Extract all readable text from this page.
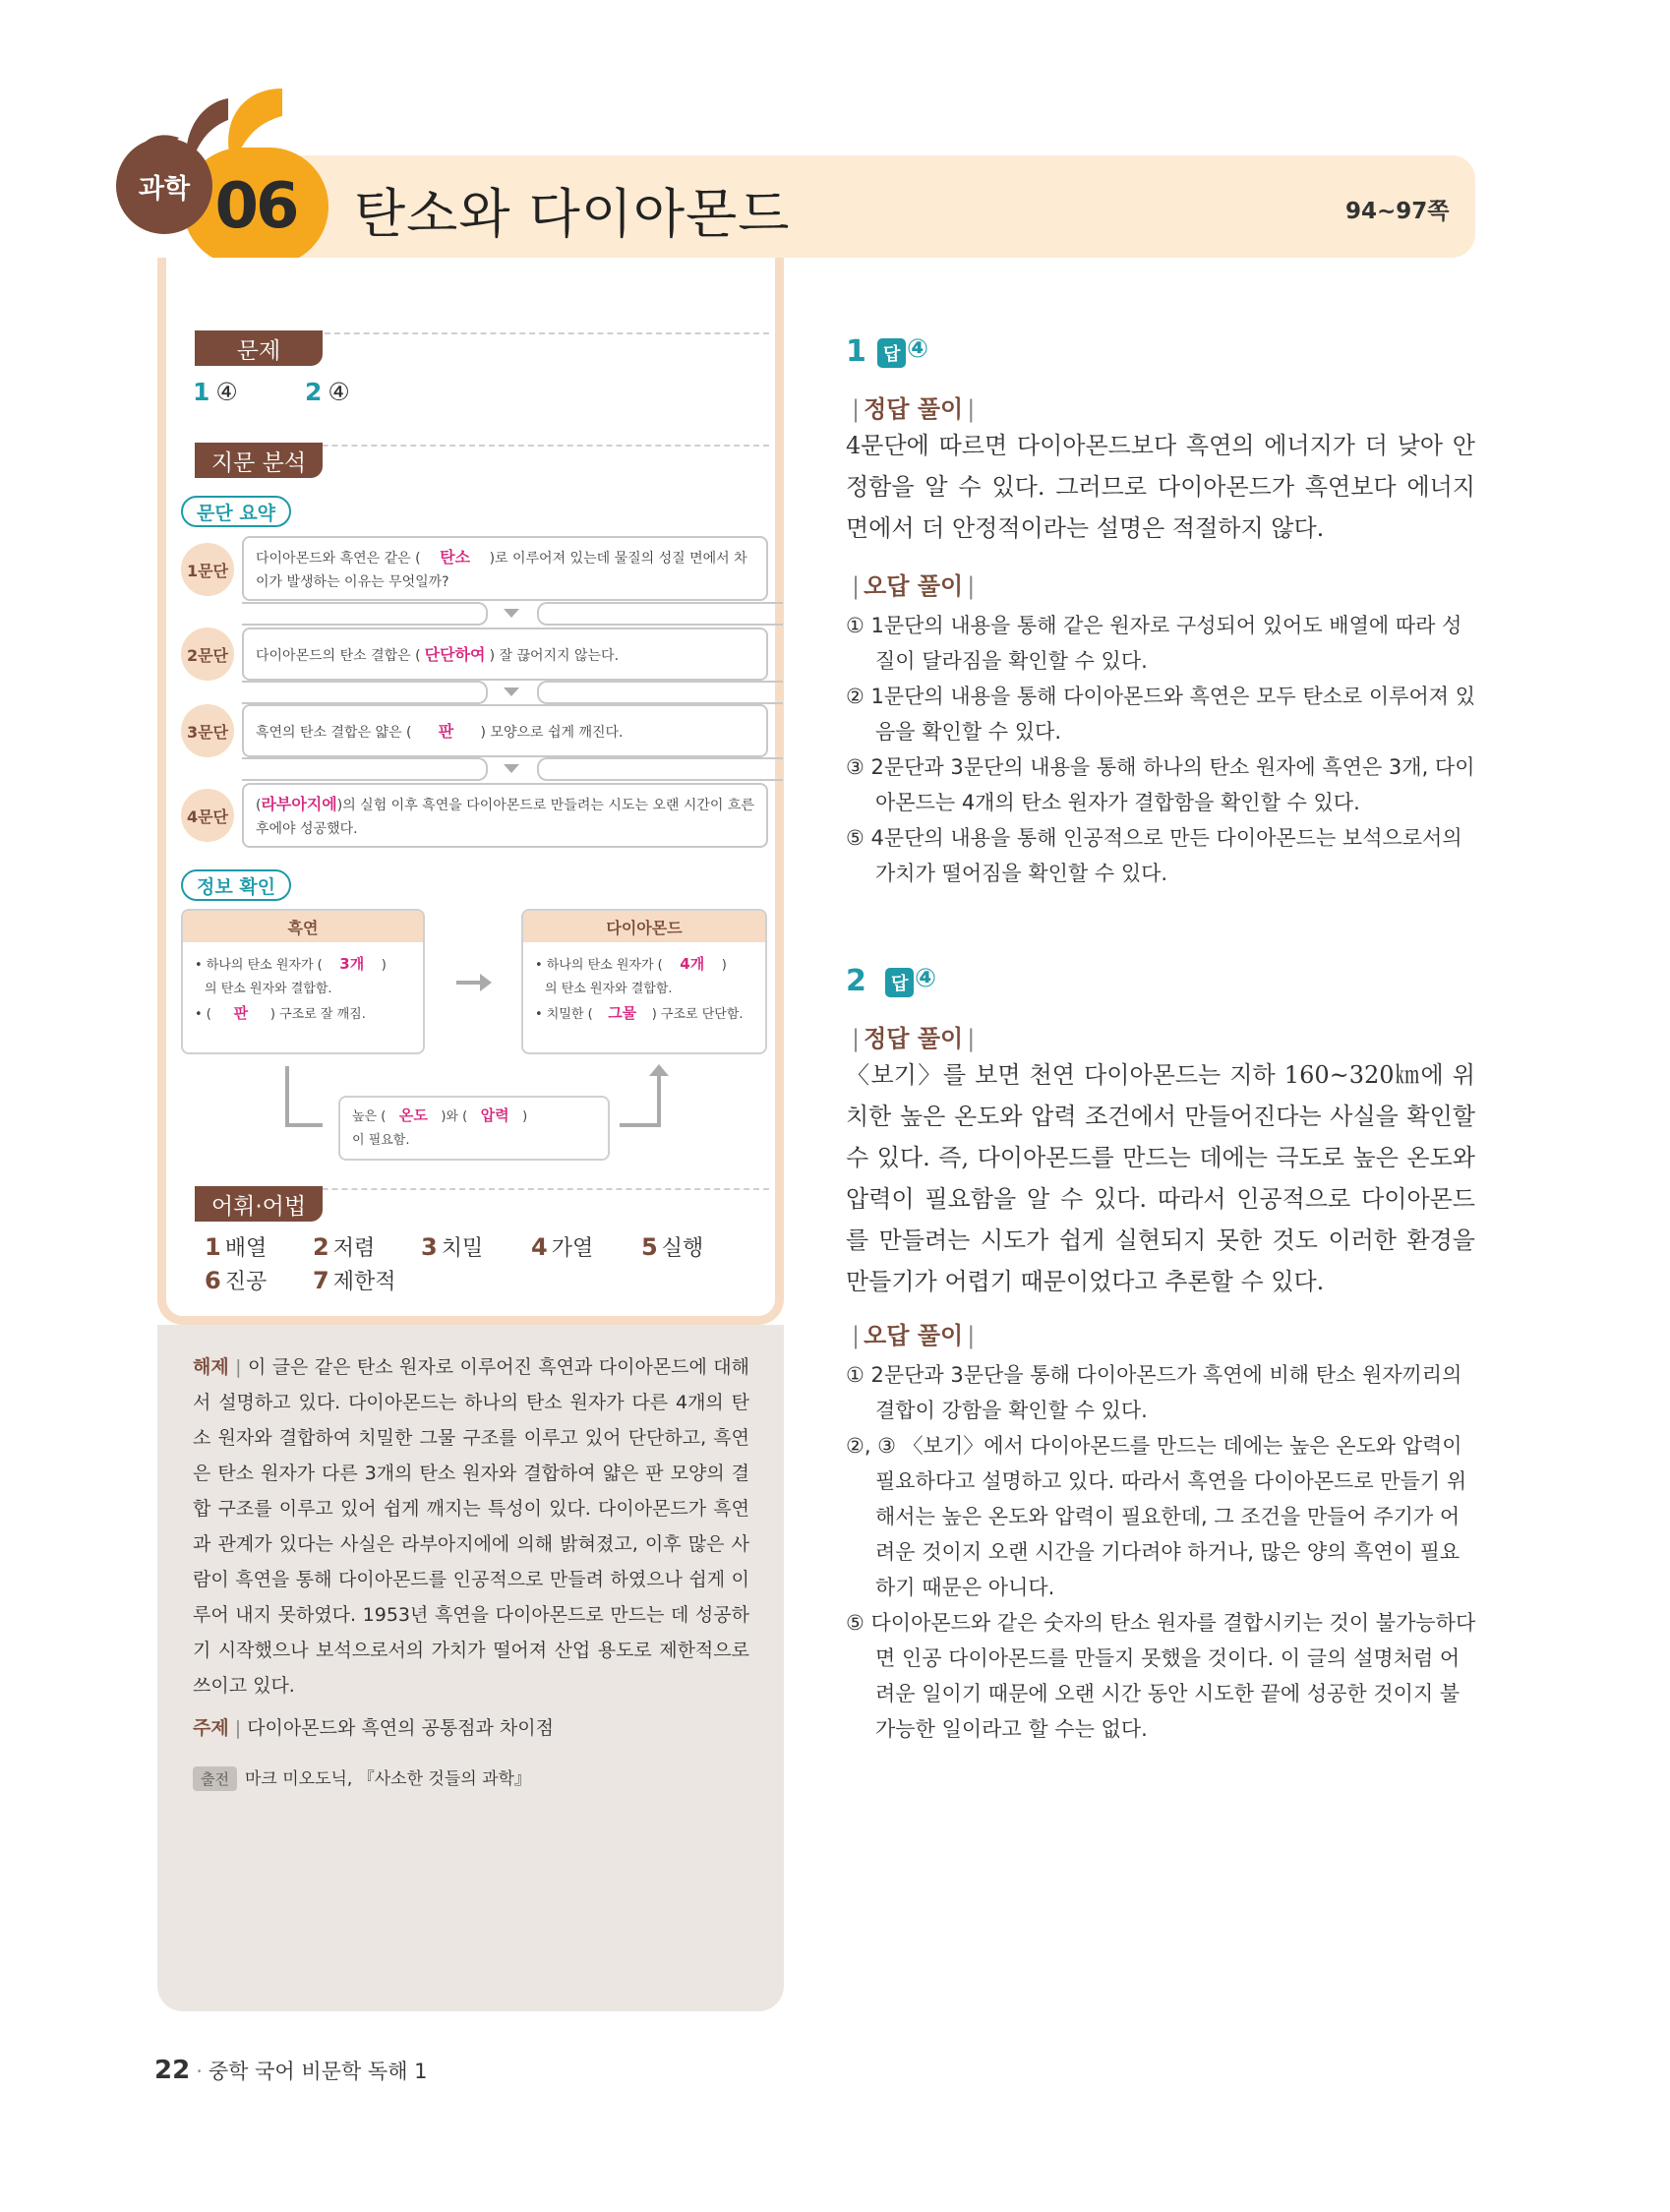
06
과학	탄소와 다이아몬드	94~97쪽
문제
1 ④	2 ④
지문 분석
문단 요약
1문단
다이아몬드와 흑연은 같은 ( 탄소 )로 이루어져 있는데 물질의 성질 면에서 차이가 발생하는 이유는 무엇일까?
2문단	다이아몬드의 탄소 결합은 ( 단단하여 ) 잘 끊어지지 않는다.
3문단	흑연의 탄소 결합은 얇은 ( 판 ) 모양으로 쉽게 깨진다.
4문단
(라부아지에)의 실험 이후 흑연을 다이아몬드로 만들려는 시도는 오랜 시간이 흐른 후에야 성공했다.
정보 확인
흑연
• 하나의 탄소 원자가 ( 3개 )
의 탄소 원자와 결합함.
• ( 판 ) 구조로 잘 깨짐.
다이아몬드
• 하나의 탄소 원자가 ( 4개 )
의 탄소 원자와 결합함.
• 치밀한 ( 그물 ) 구조로 단단함.
높은 ( 온도 )와 ( 압력 )
이 필요함.
어휘·어법
1 배열 2 저렴 3 치밀 4 가열 5 실행
6 진공 7 제한적
해제 | 이 글은 같은 탄소 원자로 이루어진 흑연과 다이아몬드에 대해서 설명하고 있다. 다이아몬드는 하나의 탄소 원자가 다른 4개의 탄소 원자와 결합하여 치밀한 그물 구조를 이루고 있어 단단하고, 흑연은 탄소 원자가 다른 3개의 탄소 원자와 결합하여 얇은 판 모양의 결합 구조를 이루고 있어 쉽게 깨지는 특성이 있다. 다이아몬드가 흑연과 관계가 있다는 사실은 라부아지에에 의해 밝혀졌고, 이후 많은 사람이 흑연을 통해 다이아몬드를 인공적으로 만들려 하였으나 쉽게 이루어 내지 못하였다. 1953년 흑연을 다이아몬드로 만드는 데 성공하기 시작했으나 보석으로서의 가치가 떨어져 산업 용도로 제한적으로 쓰이고 있다.
주제 | 다이아몬드와 흑연의 공통점과 차이점
출전 마크 미오도닉, 『사소한 것들의 과학』
1 답 ④
| 정답 풀이 |
4문단에 따르면 다이아몬드보다 흑연의 에너지가 더 낮아 안정함을 알 수 있다. 그러므로 다이아몬드가 흑연보다 에너지 면에서 더 안정적이라는 설명은 적절하지 않다.
| 오답 풀이 |
① 1문단의 내용을 통해 같은 원자로 구성되어 있어도 배열에 따라 성질이 달라짐을 확인할 수 있다.
② 1문단의 내용을 통해 다이아몬드와 흑연은 모두 탄소로 이루어져 있음을 확인할 수 있다.
③ 2문단과 3문단의 내용을 통해 하나의 탄소 원자에 흑연은 3개, 다이아몬드는 4개의 탄소 원자가 결합함을 확인할 수 있다.
⑤ 4문단의 내용을 통해 인공적으로 만든 다이아몬드는 보석으로서의 가치가 떨어짐을 확인할 수 있다.
2	답 ④
| 정답 풀이 |
〈보기〉를 보면 천연 다이아몬드는 지하 160~320㎞에 위치한 높은 온도와 압력 조건에서 만들어진다는 사실을 확인할 수 있다. 즉, 다이아몬드를 만드는 데에는 극도로 높은 온도와 압력이 필요함을 알 수 있다. 따라서 인공적으로 다이아몬드를 만들려는 시도가 쉽게 실현되지 못한 것도 이러한 환경을 만들기가 어렵기 때문이었다고 추론할 수 있다.
| 오답 풀이 |
① 2문단과 3문단을 통해 다이아몬드가 흑연에 비해 탄소 원자끼리의 결합이 강함을 확인할 수 있다.
②, ③ 〈보기〉에서 다이아몬드를 만드는 데에는 높은 온도와 압력이 필요하다고 설명하고 있다. 따라서 흑연을 다이아몬드로 만들기 위해서는 높은 온도와 압력이 필요한데, 그 조건을 만들어 주기가 어려운 것이지 오랜 시간을 기다려야 하거나, 많은 양의 흑연이 필요하기 때문은 아니다.
⑤ 다이아몬드와 같은 숫자의 탄소 원자를 결합시키는 것이 불가능하다면 인공 다이아몬드를 만들지 못했을 것이다. 이 글의 설명처럼 어려운 일이기 때문에 오랜 시간 동안 시도한 끝에 성공한 것이지 불가능한 일이라고 할 수는 없다.
22 · 중학 국어 비문학 독해 1
